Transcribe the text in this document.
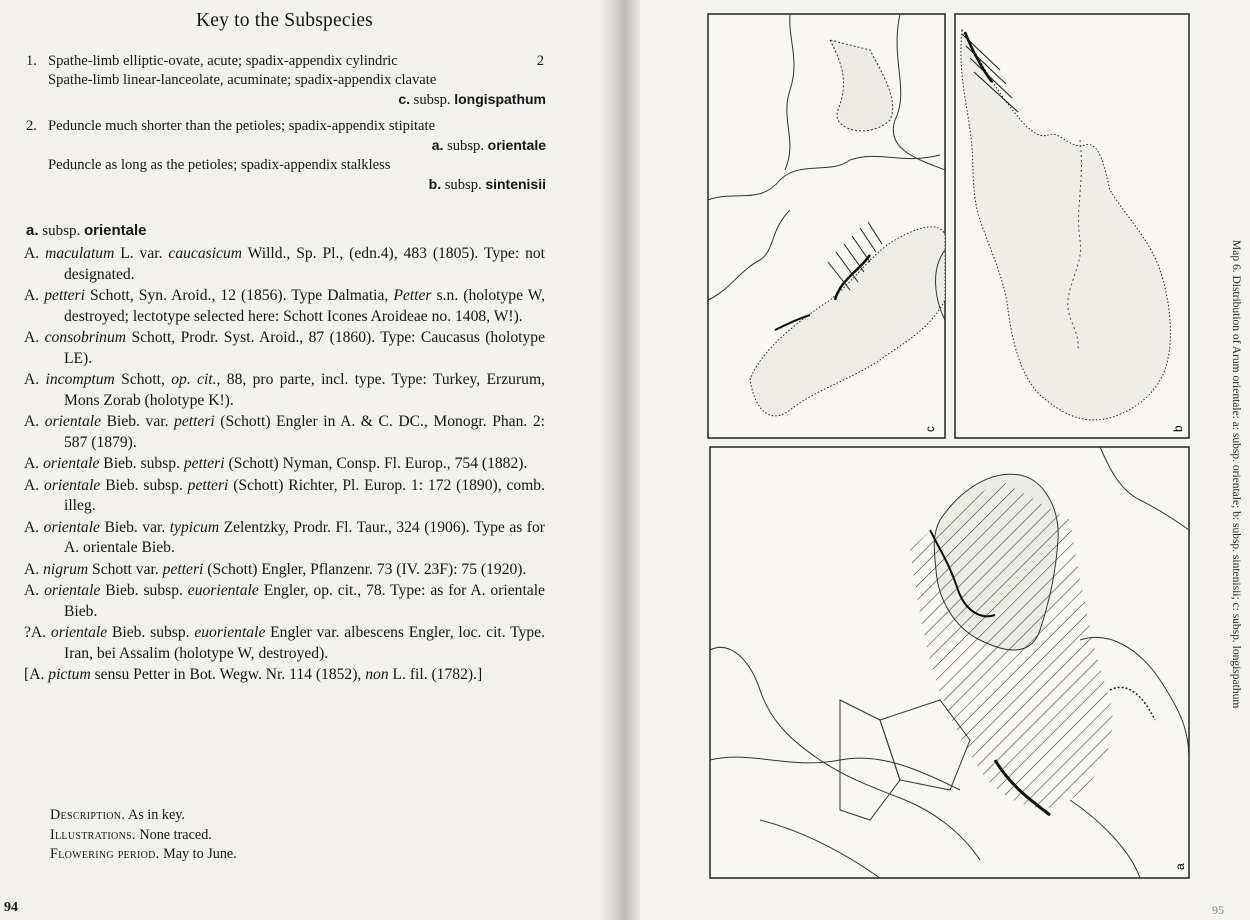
Key to the Subspecies
1. Spathe-limb elliptic-ovate, acute; spadix-appendix cylindric	2
Spathe-limb linear-lanceolate, acuminate; spadix-appendix clavate
c. subsp. longispathum
2. Peduncle much shorter than the petioles; spadix-appendix stipitate
a. subsp. orientale
Peduncle as long as the petioles; spadix-appendix stalkless
b. subsp. sintenisii
a. subsp. orientale
A. maculatum L. var. caucasicum Willd., Sp. Pl., (edn.4), 483 (1805). Type: not designated.
A. petteri Schott, Syn. Aroid., 12 (1856). Type Dalmatia, Petter s.n. (holotype W, destroyed; lectotype selected here: Schott Icones Aroideae no. 1408, W!).
A. consobrinum Schott, Prodr. Syst. Aroid., 87 (1860). Type: Caucasus (holotype LE).
A. incomptum Schott, op. cit., 88, pro parte, incl. type. Type: Turkey, Erzurum, Mons Zorab (holotype K!).
A. orientale Bieb. var. petteri (Schott) Engler in A. & C. DC., Monogr. Phan. 2: 587 (1879).
A. orientale Bieb. subsp. petteri (Schott) Nyman, Consp. Fl. Europ., 754 (1882).
A. orientale Bieb. subsp. petteri (Schott) Richter, Pl. Europ. 1: 172 (1890), comb. illeg.
A. orientale Bieb. var. typicum Zelentzky, Prodr. Fl. Taur., 324 (1906). Type as for A. orientale Bieb.
A. nigrum Schott var. petteri (Schott) Engler, Pflanzenr. 73 (IV. 23F): 75 (1920).
A. orientale Bieb. subsp. euorientale Engler, op. cit., 78. Type: as for A. orientale Bieb.
?A. orientale Bieb. subsp. euorientale Engler var. albescens Engler, loc. cit. Type. Iran, bei Assalim (holotype W, destroyed).
[A. pictum sensu Petter in Bot. Wegw. Nr. 114 (1852), non L. fil. (1782).]
Description. As in key.
Illustrations. None traced.
Flowering period. May to June.
94
c	b
a
Map 6. Distribution of Arum orientale: a: subsp. orientale; b: subsp. sintenisii; c: subsp. longispathum
95
